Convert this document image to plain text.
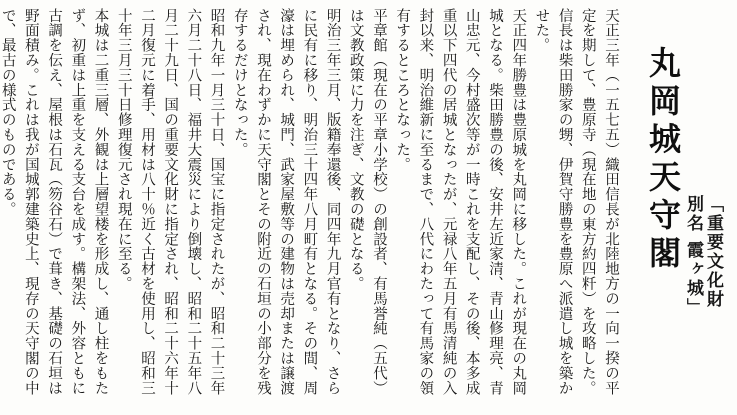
丸岡城天守閣 「重要文化財
別名 霞ヶ城」

天正三年（一五七五）織田信長が北陸地方の一向一揆の平定を期して、豊原寺（現在地の東方約四粁）を攻略した。信長は柴田勝家の甥、伊賀守勝豊を豊原へ派遣し城を築かせた。

天正四年勝豊は豊原城を丸岡に移した。これが現在の丸岡城となる。柴田勝豊の後、安井左近家清、青山修理亮、青山忠元、今村盛次等が一時これを支配し、その後、本多成重以下四代の居城となったが、元禄八年五月有馬清純の入封以来、明治維新に至るまで、八代にわたって有馬家の領有するところとなった。

平章館（現在の平章小学校）の創設者、有馬誉純（五代）は文教政策に力を注ぎ、文教の礎となる。

明治三年三月、版籍奉還後、同四年九月官有となり、さらに民有に移り、明治三十四年八月町有となる。その間、周濠は埋められ、城門、武家屋敷等の建物は売却または譲渡され、現在わずかに天守閣とその附近の石垣の小部分を残存するだけとなった。

昭和九年一月三十日、国宝に指定されたが、昭和二十三年六月二十八日、福井大震災により倒壊し、昭和二十五年八月二十九日、国の重要文化財に指定され、昭和二十六年十二月復元に着手、用材は八十％近く古材を使用し、昭和三十年三月三十日修理復元され現在に至る。

本城は二重三層、外観は上層望楼を形成し、通し柱をもたず、初重は上重を支える支台を成す。構架法、外容ともに古調を伝え、屋根は石瓦（笏谷石）で葺き、基礎の石垣は野面積み。これは我が国城郭建築史上、現存の天守閣の中で、最古の様式のものである。
